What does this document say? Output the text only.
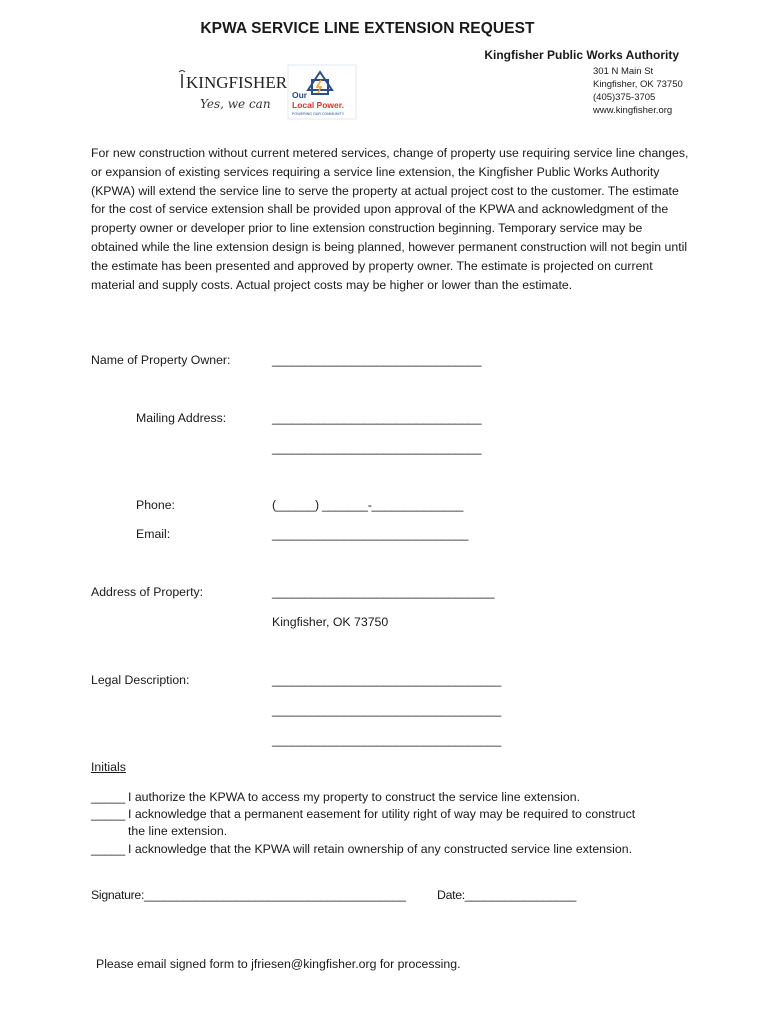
KPWA SERVICE LINE EXTENSION REQUEST
Kingfisher Public Works Authority
301 N Main St
Kingfisher, OK 73750
(405)375-3705
www.kingfisher.org
KINGFISHER
Yes, we can
Our
Local Power.
POWERING OUR COMMUNITY
For new construction without current metered services, change of property use requiring service line changes, or expansion of existing services requiring a service line extension, the Kingfisher Public Works Authority (KPWA) will extend the service line to serve the property at actual project cost to the customer. The estimate for the cost of service extension shall be provided upon approval of the KPWA and acknowledgment of the property owner or developer prior to line extension construction beginning. Temporary service may be obtained while the line extension design is being planned, however permanent construction will not begin until the estimate has been presented and approved by property owner. The estimate is projected on current material and supply costs. Actual project costs may be higher or lower than the estimate.
Name of Property Owner:	________________________________
Mailing Address:	________________________________
________________________________
Phone:	(______) _______-______________
Email:	______________________________
Address of Property:	__________________________________
Kingfisher, OK 73750
Legal Description:	___________________________________
___________________________________
___________________________________
Initials
_____ I authorize the KPWA to access my property to construct the service line extension.
_____ I acknowledge that a permanent easement for utility right of way may be required to construct
the line extension.
_____ I acknowledge that the KPWA will retain ownership of any constructed service line extension.
Signature:________________________________________	Date:_________________
Please email signed form to jfriesen@kingfisher.org for processing.
